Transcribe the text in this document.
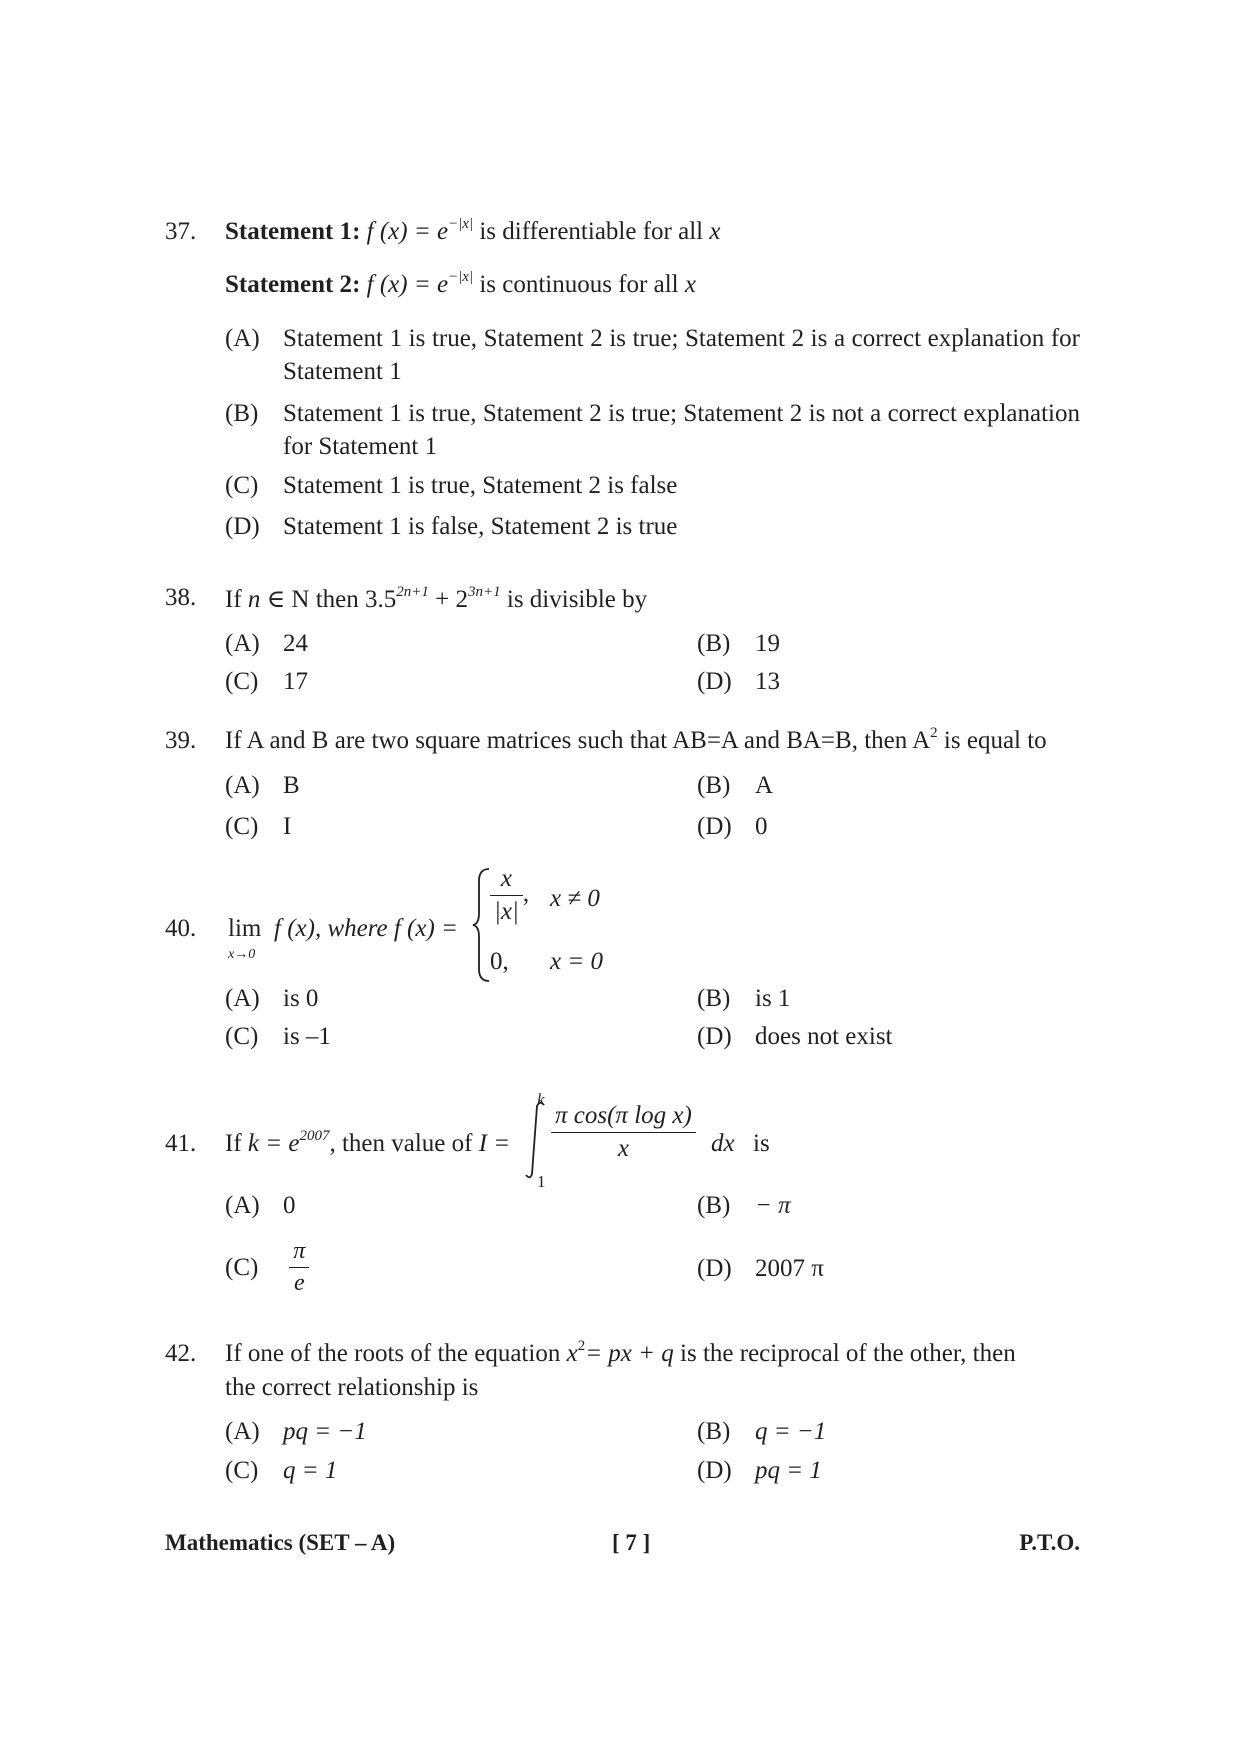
37. Statement 1: f $(x) = e^{-|x|}$ is differentiable for all x
Statement 2: f $(x) = e^{-|x|}$ is continuous for all x
(A) Statement 1 is true, Statement 2 is true; Statement 2 is a correct explanation for Statement 1
(B) Statement 1 is true, Statement 2 is true; Statement 2 is not a correct explanation for Statement 1
(C) Statement 1 is true, Statement 2 is false
(D) Statement 1 is false, Statement 2 is true
38. If n ∈ N then $3.5^{2n+1} + 2^{3n+1}$ is divisible by
(A) 24	(B) 19
(C) 17	(D) 13
39. If A and B are two square matrices such that AB=A and BA=B, then $A^2$ is equal to
(A) B	(B) A
(C) I	(D) 0
40. lim
x→0
f (x), where f (x) =
$\frac{x}{|x|}$ , x ≠ 0
0, x = 0
(A) is 0	(B) is 1
(C) is –1	(D) does not exist
41. If $k = e^{2007}$, then value of I =
k
1
$\frac{\text{π cos(π log x)}}{x}$ dx is
(A) 0	(B) − π
$(C) \frac{\pi}{e}$	(D) 2007 π
42. If one of the roots of the equation $x^2=$ px + q is the reciprocal of the other, then
the correct relationship is
(A) pq = −1	(B) q = −1
(C) q = 1	(D) pq = 1
Mathematics (SET – A)	[ 7 ]	P.T.O.
